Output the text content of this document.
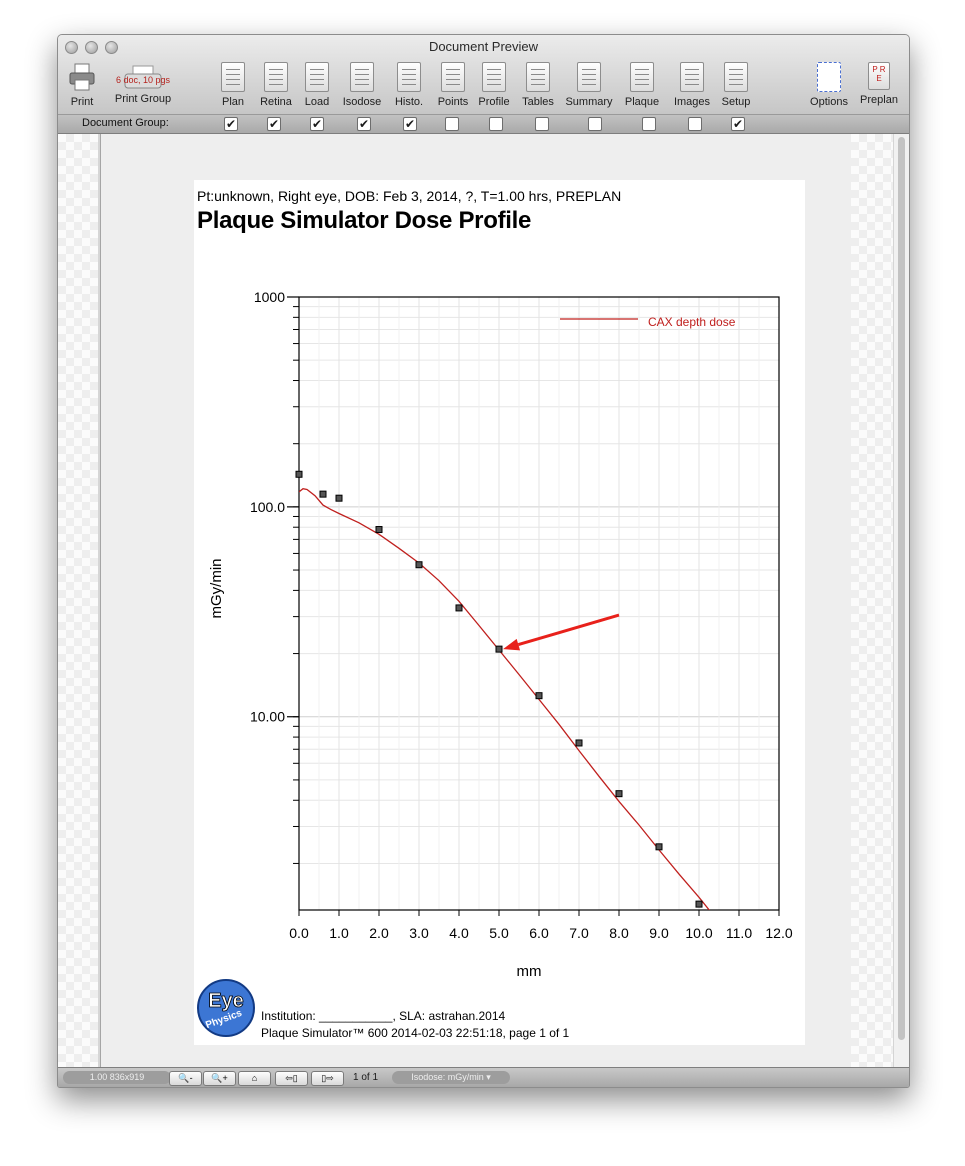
Document Preview
Print
6 doc, 10 pgs
Print Group	Plan	Retina	Load	Isodose	Histo.	Points Profile	Tables	Summary	Plaque	Images	Setup	Options
P R E
Preplan
Document Group:	✔	✔	✔	✔	✔	✔
Pt:unknown, Right eye, DOB: Feb 3, 2014, ?, T=1.00 hrs, PREPLAN
Plaque Simulator Dose Profile
1000
100.0
10.00
0.0 1.0 2.0 3.0 4.0 5.0 6.0 7.0 8.0 9.0 10.0 11.0 12.0
mm
mGy/min
CAX depth dose
Eye
Physics Institution: ___________, SLA: astrahan.2014
Plaque Simulator™ 600 2014-02-03 22:51:18, page 1 of 1
1.00 836x919	🔍-	🔍+	⌂	⇦▯	▯⇨	1 of 1	Isodose: mGy/min ▾
